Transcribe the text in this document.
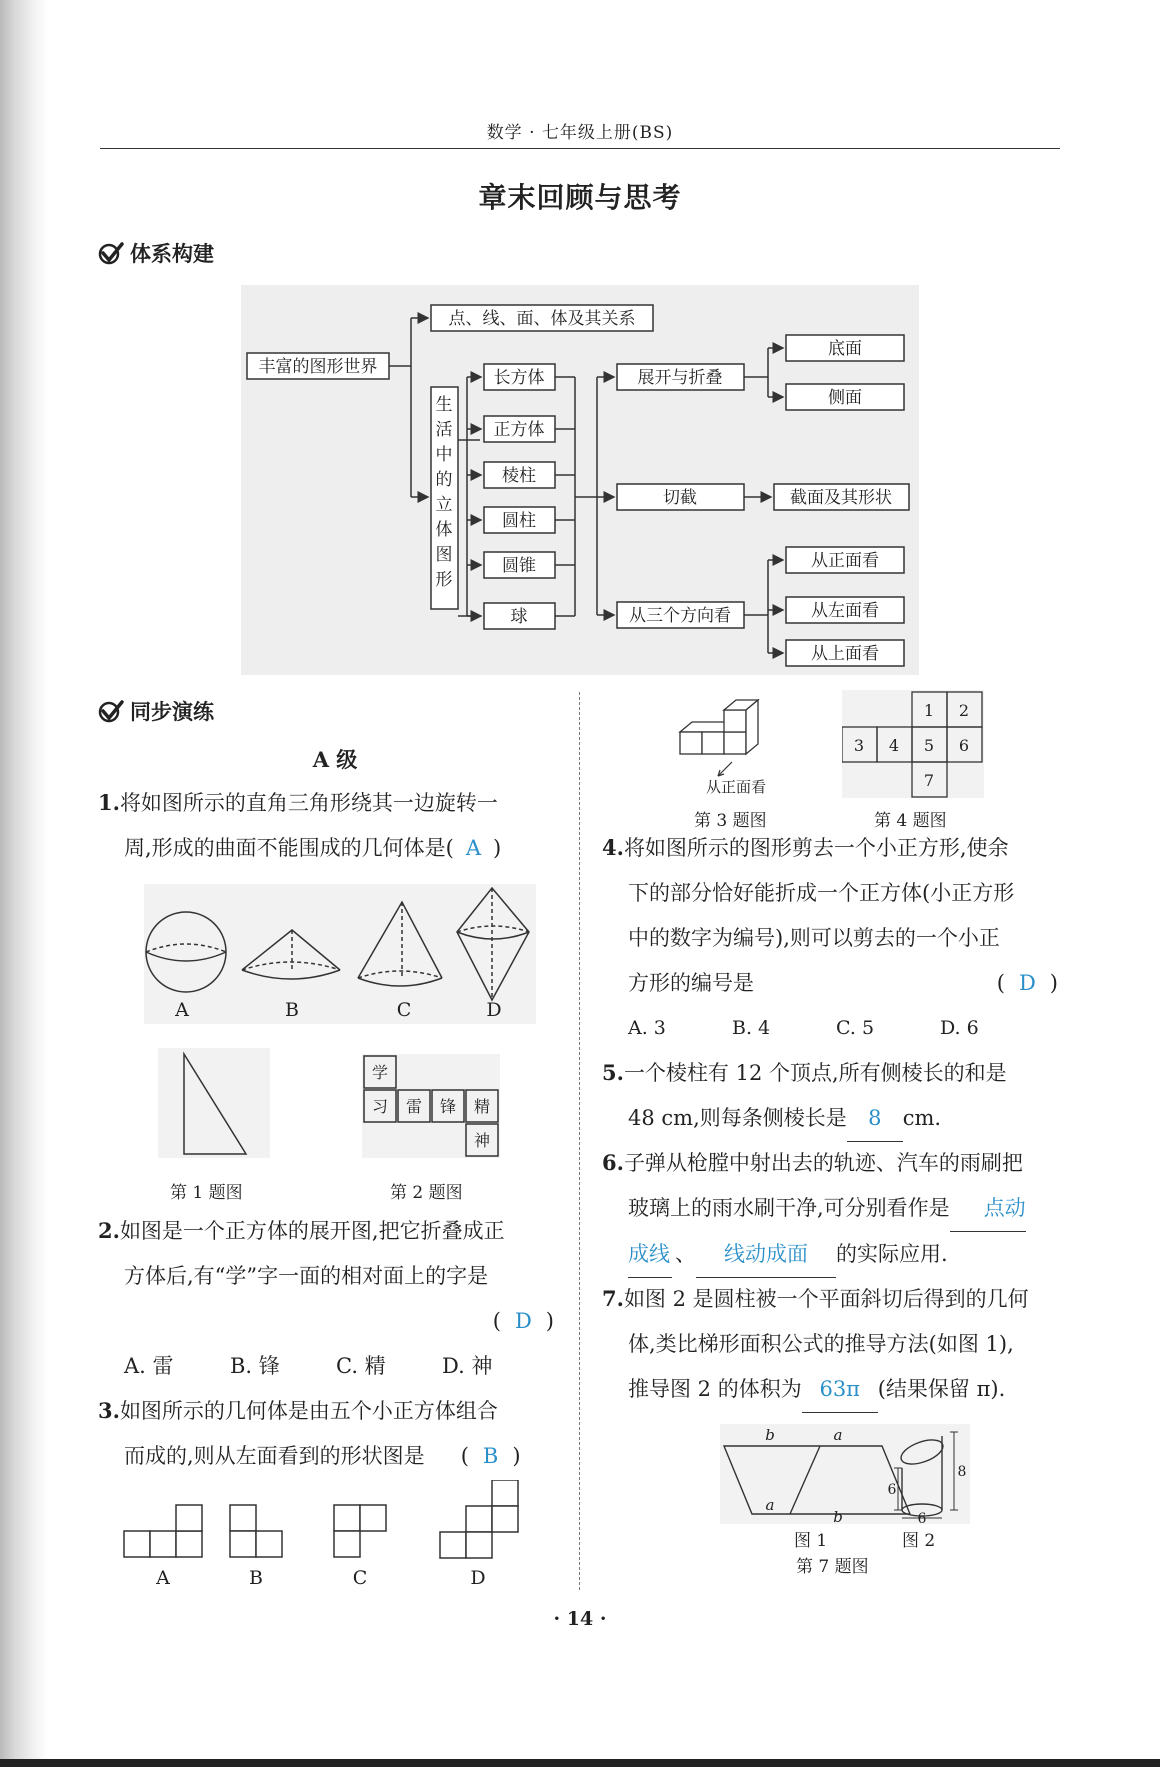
数学 · 七年级上册(BS)
章末回顾与思考
体系构建
丰富的图形世界
点、线、面、体及其关系
生
活
中
的
立
体
图
形
长方体
正方体
棱柱
圆柱
圆锥
球
展开与折叠
切截
从三个方向看
底面
侧面
截面及其形状
从正面看
从左面看
从上面看
同步演练
A 级
1.将如图所示的直角三角形绕其一边旋转一
周,形成的曲面不能围成的几何体是( A )
A	B	C	D
第 1 题图
学
习 雷 锋 精
神
第 2 题图
2.如图是一个正方体的展开图,把它折叠成正
方体后,有“学”字一面的相对面上的字是
( D )
A. 雷	B. 锋	C. 精	D. 神
3.如图所示的几何体是由五个小正方体组合
而成的,则从左面看到的形状图是 ( B )
A	B	C	D
从正面看
第 3 题图
1 2
3 4 5 6
7
第 4 题图
4.将如图所示的图形剪去一个小正方形,使余
下的部分恰好能折成一个正方体(小正方形
中的数字为编号),则可以剪去的一个小正
方形的编号是	( D )
A. 3	B. 4	C. 5	D. 6
5.一个棱柱有 12 个顶点,所有侧棱长的和是
48 cm,则每条侧棱长是 8 cm.
6.子弹从枪膛中射出去的轨迹、汽车的雨刷把
玻璃上的雨水刷干净,可分别看作是 点动
成线 、 线动成面 的实际应用.
7.如图 2 是圆柱被一个平面斜切后得到的几何
体,类比梯形面积公式的推导方法(如图 1),
推导图 2 的体积为 63π (结果保留 π).
b	a
a
b
6
8
6
图 1	图 2
第 7 题图
· 14 ·
